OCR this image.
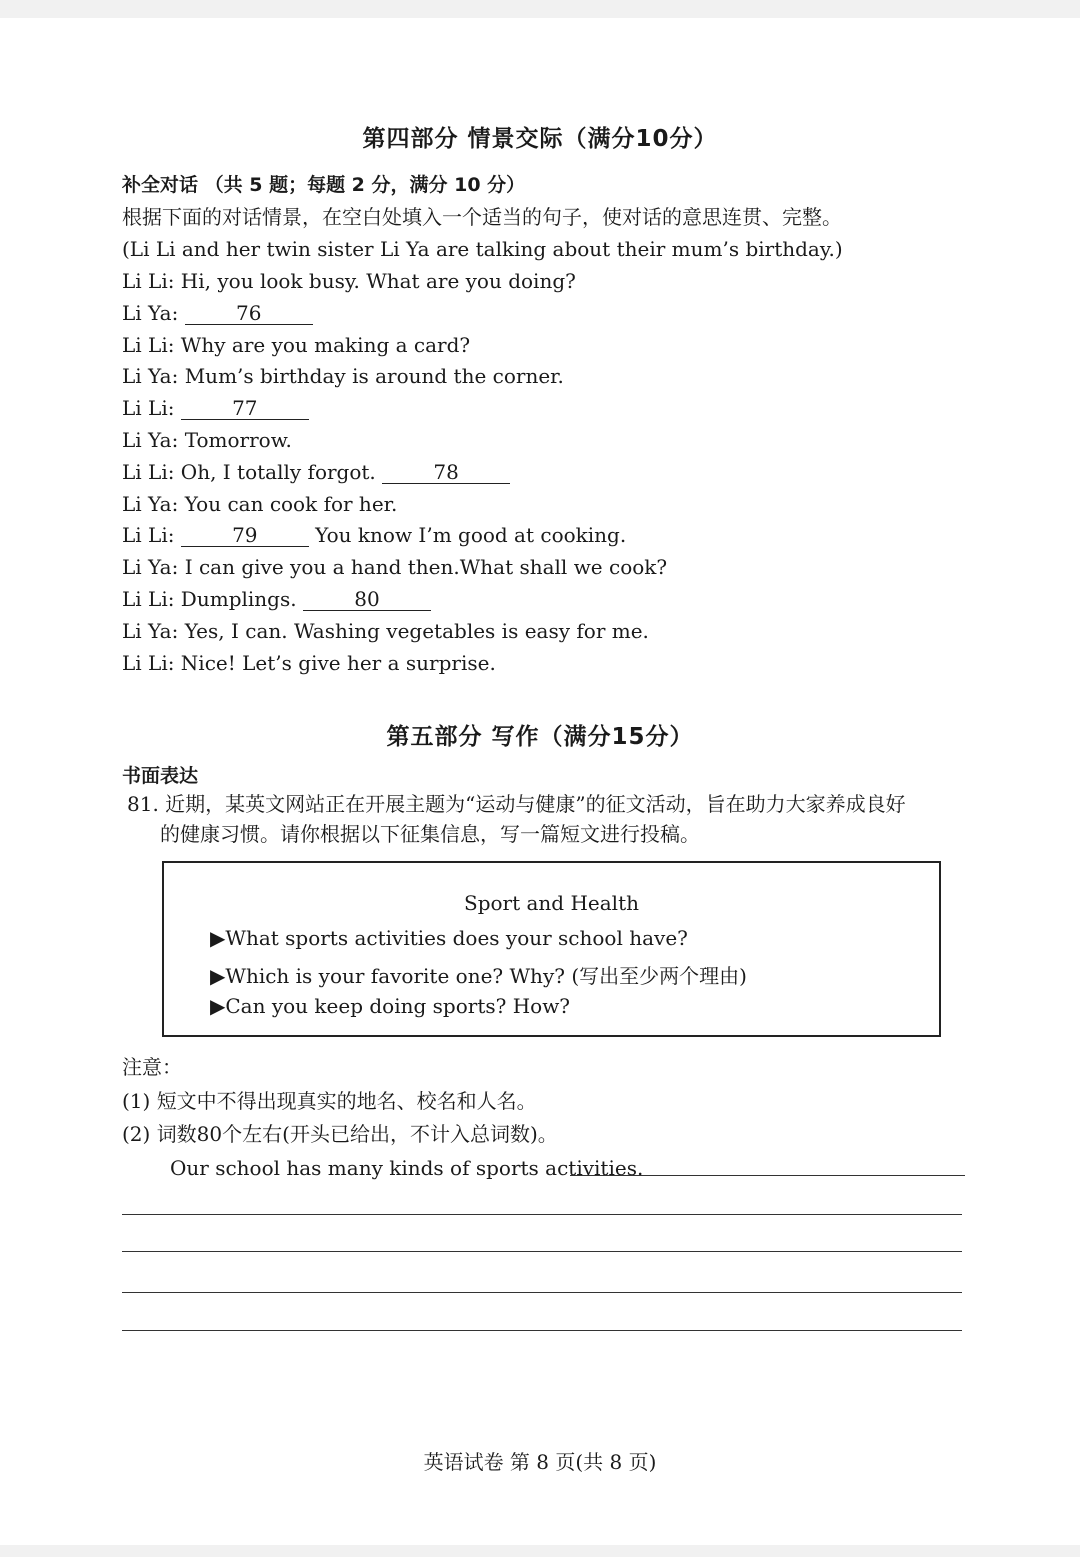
第四部分 情景交际（满分10分）
补全对话 （共 5 题；每题 2 分，满分 10 分）
根据下面的对话情景，在空白处填入一个适当的句子，使对话的意思连贯、完整。
(Li Li and her twin sister Li Ya are talking about their mum’s birthday.)
Li Li: Hi, you look busy. What are you doing?
Li Ya:	76
Li Li: Why are you making a card?
Li Ya: Mum’s birthday is around the corner.
Li Li:	77
Li Ya: Tomorrow.
Li Li: Oh, I totally forgot.	78
Li Ya: You can cook for her.
Li Li:	79	You know I’m good at cooking.
Li Ya: I can give you a hand then.What shall we cook?
Li Li: Dumplings.	80
Li Ya: Yes, I can. Washing vegetables is easy for me.
Li Li: Nice! Let’s give her a surprise.
第五部分 写作（满分15分）
书面表达
81. 近期，某英文网站正在开展主题为“运动与健康”的征文活动，旨在助力大家养成良好
的健康习惯。请你根据以下征集信息，写一篇短文进行投稿。
Sport and Health
▶What sports activities does your school have?
▶Which is your favorite one? Why? (写出至少两个理由)
▶Can you keep doing sports? How?
注意：
(1) 短文中不得出现真实的地名、校名和人名。
(2) 词数80个左右(开头已给出，不计入总词数)。
Our school has many kinds of sports activities.
英语试卷 第 8 页(共 8 页)
